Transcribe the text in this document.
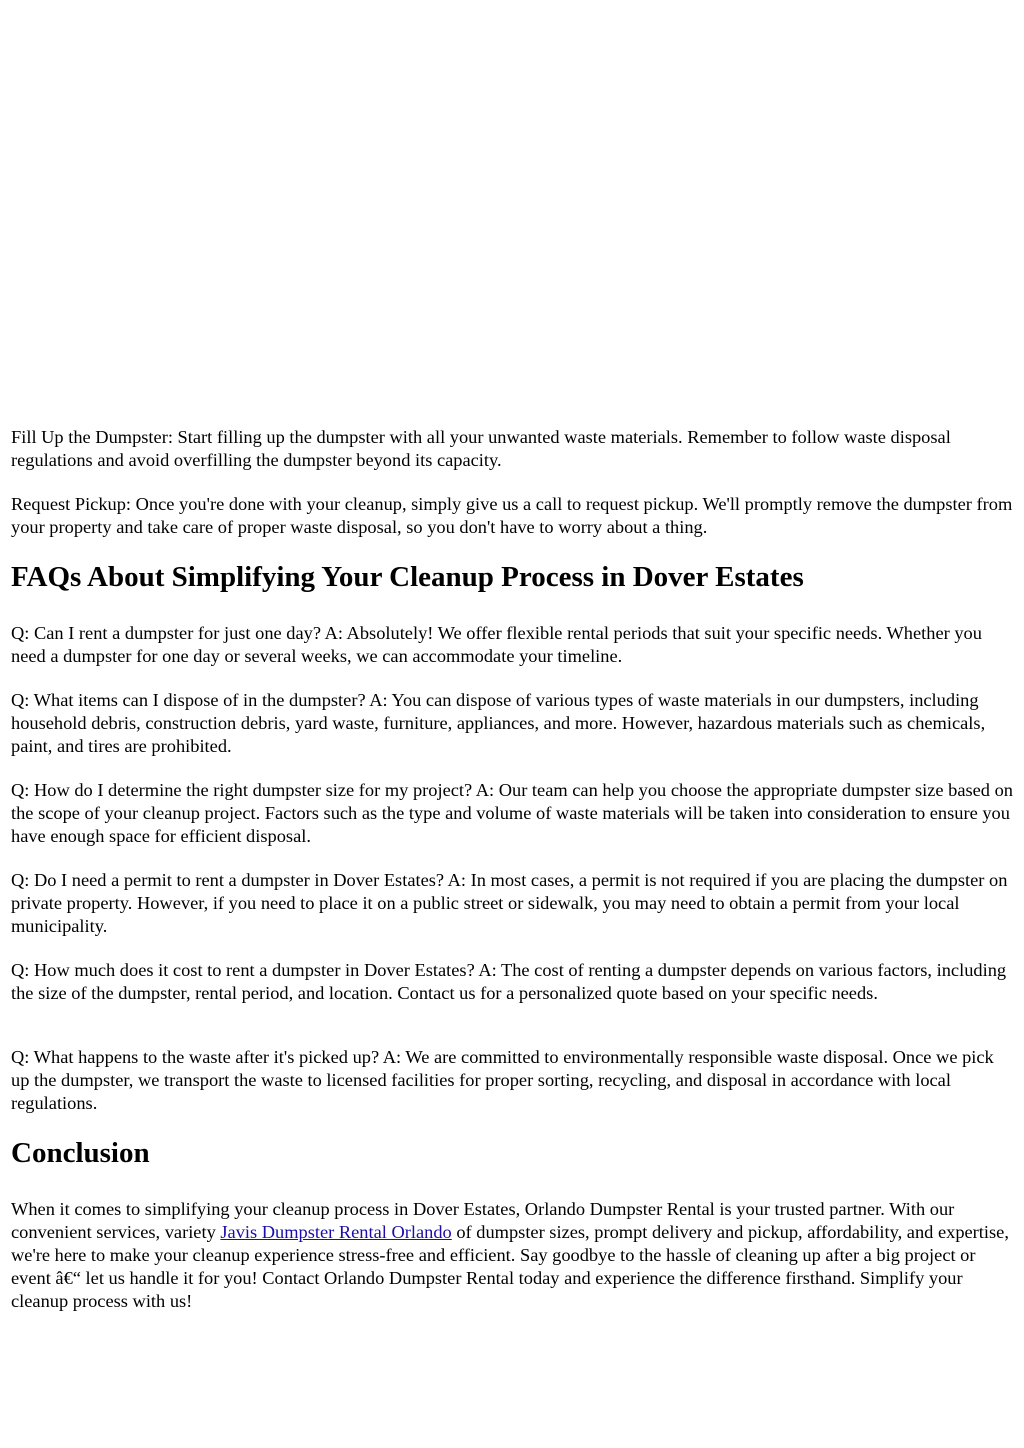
Fill Up the Dumpster: Start filling up the dumpster with all your unwanted waste materials. Remember to follow waste disposal regulations and avoid overfilling the dumpster beyond its capacity.

Request Pickup: Once you're done with your cleanup, simply give us a call to request pickup. We'll promptly remove the dumpster from your property and take care of proper waste disposal, so you don't have to worry about a thing.

FAQs About Simplifying Your Cleanup Process in Dover Estates

Q: Can I rent a dumpster for just one day? A: Absolutely! We offer flexible rental periods that suit your specific needs. Whether you need a dumpster for one day or several weeks, we can accommodate your timeline.

Q: What items can I dispose of in the dumpster? A: You can dispose of various types of waste materials in our dumpsters, including household debris, construction debris, yard waste, furniture, appliances, and more. However, hazardous materials such as chemicals, paint, and tires are prohibited.

Q: How do I determine the right dumpster size for my project? A: Our team can help you choose the appropriate dumpster size based on the scope of your cleanup project. Factors such as the type and volume of waste materials will be taken into consideration to ensure you have enough space for efficient disposal.

Q: Do I need a permit to rent a dumpster in Dover Estates? A: In most cases, a permit is not required if you are placing the dumpster on private property. However, if you need to place it on a public street or sidewalk, you may need to obtain a permit from your local municipality.

Q: How much does it cost to rent a dumpster in Dover Estates? A: The cost of renting a dumpster depends on various factors, including the size of the dumpster, rental period, and location. Contact us for a personalized quote based on your specific needs.

Q: What happens to the waste after it's picked up? A: We are committed to environmentally responsible waste disposal. Once we pick up the dumpster, we transport the waste to licensed facilities for proper sorting, recycling, and disposal in accordance with local regulations.

Conclusion

When it comes to simplifying your cleanup process in Dover Estates, Orlando Dumpster Rental is your trusted partner. With our convenient services, variety Javis Dumpster Rental Orlando of dumpster sizes, prompt delivery and pickup, affordability, and expertise, we're here to make your cleanup experience stress-free and efficient. Say goodbye to the hassle of cleaning up after a big project or event â€“ let us handle it for you! Contact Orlando Dumpster Rental today and experience the difference firsthand. Simplify your cleanup process with us!
